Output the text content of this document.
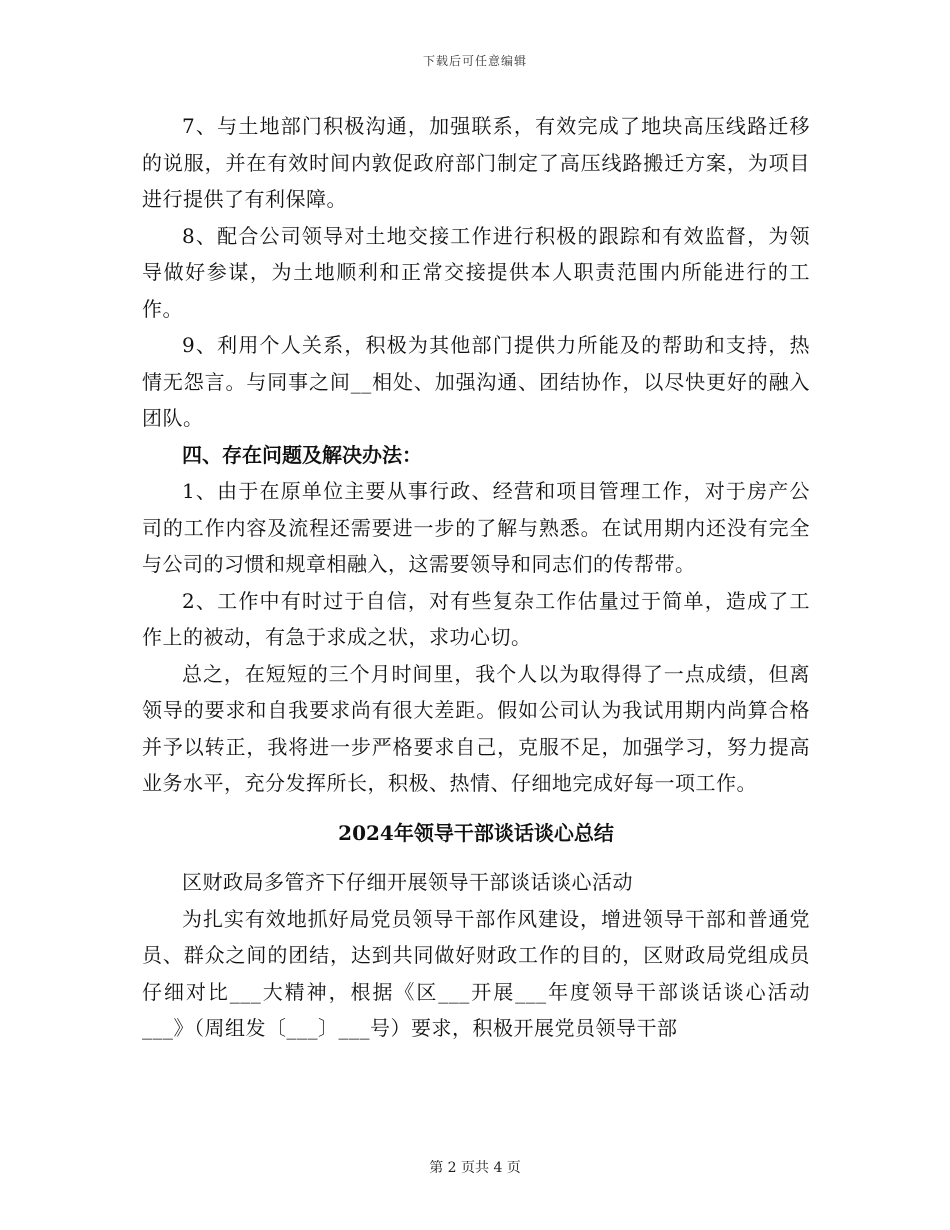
下载后可任意编辑

7、与土地部门积极沟通，加强联系，有效完成了地块高压线路迁移的说服，并在有效时间内敦促政府部门制定了高压线路搬迁方案，为项目进行提供了有利保障。

8、配合公司领导对土地交接工作进行积极的跟踪和有效监督，为领导做好参谋，为土地顺利和正常交接提供本人职责范围内所能进行的工作。

9、利用个人关系，积极为其他部门提供力所能及的帮助和支持，热情无怨言。与同事之间__相处、加强沟通、团结协作，以尽快更好的融入团队。

四、存在问题及解决办法：

1、由于在原单位主要从事行政、经营和项目管理工作，对于房产公司的工作内容及流程还需要进一步的了解与熟悉。在试用期内还没有完全与公司的习惯和规章相融入，这需要领导和同志们的传帮带。

2、工作中有时过于自信，对有些复杂工作估量过于简单，造成了工作上的被动，有急于求成之状，求功心切。

总之，在短短的三个月时间里，我个人以为取得得了一点成绩，但离领导的要求和自我要求尚有很大差距。假如公司认为我试用期内尚算合格并予以转正，我将进一步严格要求自己，克服不足，加强学习，努力提高业务水平，充分发挥所长，积极、热情、仔细地完成好每一项工作。

2024年领导干部谈话谈心总结

区财政局多管齐下仔细开展领导干部谈话谈心活动

为扎实有效地抓好局党员领导干部作风建设，增进领导干部和普通党员、群众之间的团结，达到共同做好财政工作的目的，区财政局党组成员仔细对比___大精神，根据《区___开展___年度领导干部谈话谈心活动___》（周组发〔___〕___号）要求，积极开展党员领导干部

第 2 页共 4 页
